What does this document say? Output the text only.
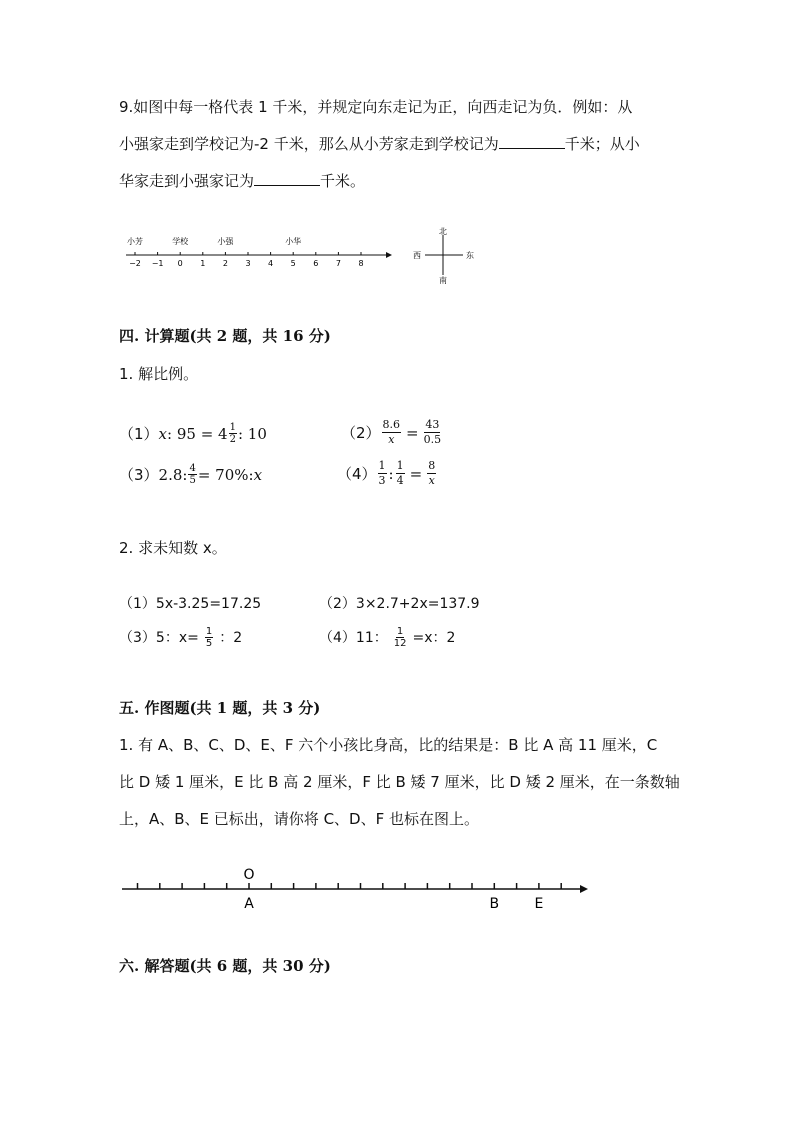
9.如图中每一格代表 1 千米，并规定向东走记为正，向西走记为负．例如：从
小强家走到学校记为-2 千米，那么从小芳家走到学校记为	千米；从小
华家走到小强家记为	千米。
−2 −1 0 1 2 3 4 5 6 7 8
小芳	学校	小强	小华
北
南
西	东
四. 计算题(共 2 题，共 16 分)
1. 解比例。
（1） x : $95 = 4 \frac{1}{2}$ : 10	$(2) \frac{8.6}{x} = \frac{43}{0.5}$
（3） 2.8: $\frac{4}{5} = 70\%$: x	$(4) \frac{1}{3}$ : $\frac{1}{4} = \frac{8}{x}$
2. 求未知数 x。
（1）5x-3.25=17.25	（2）3×2.7+2x=137.9
（3）5：$x= \frac{1}{5}$ ：2	（4）11： $\frac{1}{12} =x$：2
五. 作图题(共 1 题，共 3 分)
1. 有 A、B、C、D、E、F 六个小孩比身高，比的结果是：B 比 A 高 11 厘米，C
比 D 矮 1 厘米，E 比 B 高 2 厘米，F 比 B 矮 7 厘米，比 D 矮 2 厘米，在一条数轴
上，A、B、E 已标出，请你将 C、D、F 也标在图上。
O
A	B	E
六. 解答题(共 6 题，共 30 分)
